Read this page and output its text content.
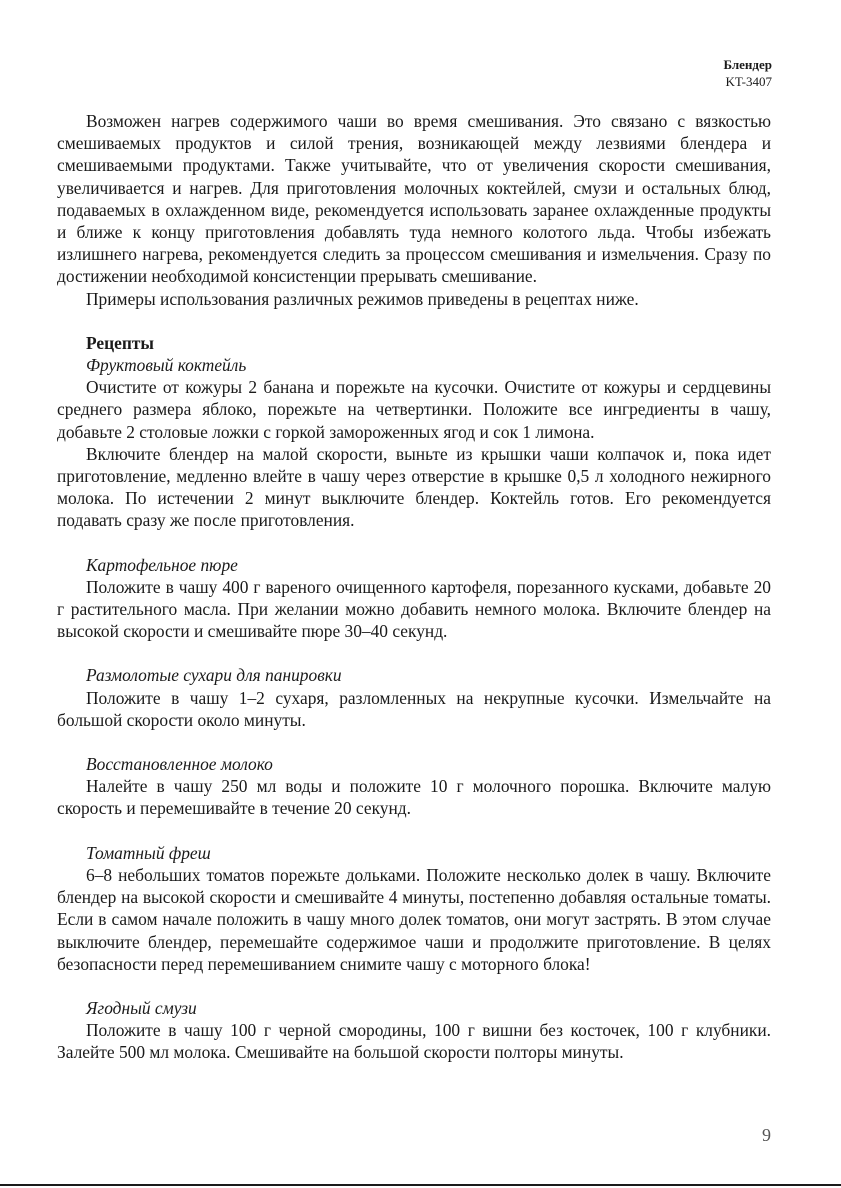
Блендер
KT-3407

Возможен нагрев содержимого чаши во время смешивания. Это связано с вязкостью смешиваемых продуктов и силой трения, возникающей между лезвиями блендера и смешиваемыми продуктами. Также учитывайте, что от увеличения скорости смешивания, увеличивается и нагрев. Для приготовления молочных коктейлей, смузи и остальных блюд, подаваемых в охлажденном виде, рекомендуется использовать заранее охлажденные продукты и ближе к концу приготовления добавлять туда немного колотого льда. Чтобы избежать излишнего нагрева, рекомендуется следить за процессом смешивания и измельчения. Сразу по достижении необходимой консистенции прерывать смешивание.

Примеры использования различных режимов приведены в рецептах ниже.

Рецепты
Фруктовый коктейль

Очистите от кожуры 2 банана и порежьте на кусочки. Очистите от кожуры и сердцевины среднего размера яблоко, порежьте на четвертинки. Положите все ингредиенты в чашу, добавьте 2 столовые ложки с горкой замороженных ягод и сок 1 лимона.

Включите блендер на малой скорости, выньте из крышки чаши колпачок и, пока идет приготовление, медленно влейте в чашу через отверстие в крышке 0,5 л холодного нежирного молока. По истечении 2 минут выключите блендер. Коктейль готов. Его рекомендуется подавать сразу же после приготовления.

Картофельное пюре

Положите в чашу 400 г вареного очищенного картофеля, порезанного кусками, добавьте 20 г растительного масла. При желании можно добавить немного молока. Включите блендер на высокой скорости и смешивайте пюре 30–40 секунд.

Размолотые сухари для панировки

Положите в чашу 1–2 сухаря, разломленных на некрупные кусочки. Измельчайте на большой скорости около минуты.

Восстановленное молоко

Налейте в чашу 250 мл воды и положите 10 г молочного порошка. Включите малую скорость и перемешивайте в течение 20 секунд.

Томатный фреш

6–8 небольших томатов порежьте дольками. Положите несколько долек в чашу. Включите блендер на высокой скорости и смешивайте 4 минуты, постепенно добавляя остальные томаты. Если в самом начале положить в чашу много долек томатов, они могут застрять. В этом случае выключите блендер, перемешайте содержимое чаши и продолжите приготовление. В целях безопасности перед перемешиванием снимите чашу с моторного блока!

Ягодный смузи

Положите в чашу 100 г черной смородины, 100 г вишни без косточек, 100 г клубники. Залейте 500 мл молока. Смешивайте на большой скорости полторы минуты.

9
